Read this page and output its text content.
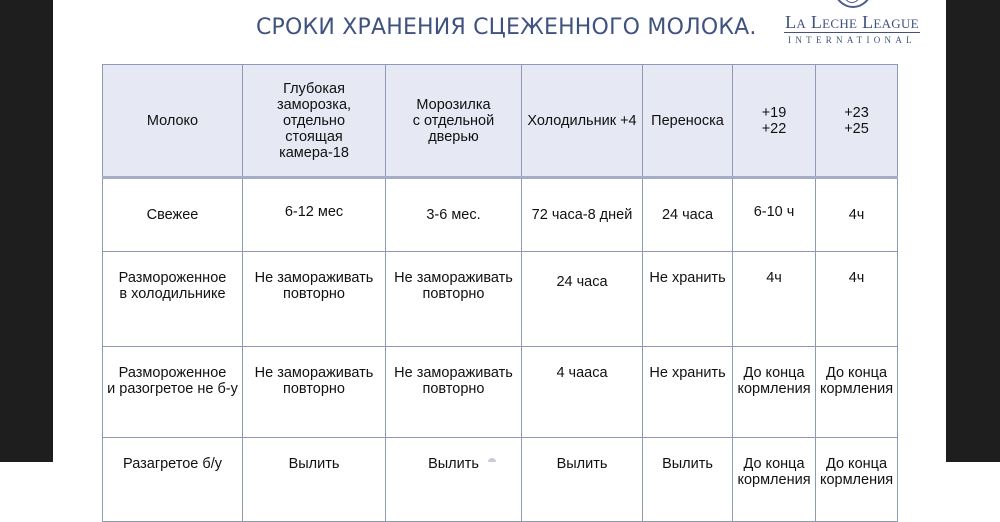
СРОКИ ХРАНЕНИЯ СЦЕЖЕННОГО МОЛОКА. La Leche League
INTERNATIONAL
Молоко	Глубокая
заморозка,
отдельно
стоящая
камера-18	Морозилка
с отдельной
дверью	Холодильник +4	Переноска	+19
+22	+23
+25
Свежее	6-12 мес	3-6 мес.	72 часа-8 дней	24 часа	6-10 ч	4ч
Размороженное
в холодильнике	Не замораживать
повторно	Не замораживать
повторно	24 часа	Не хранить	4ч	4ч
Размороженное
и разогретое не б-у	Не замораживать
повторно	Не замораживать
повторно	4 чааса	Не хранить	До конца
кормления	До конца
кормления
Разагретое б/у	Вылить	Вылить	Вылить	Вылить	До конца
кормления	До конца
кормления
